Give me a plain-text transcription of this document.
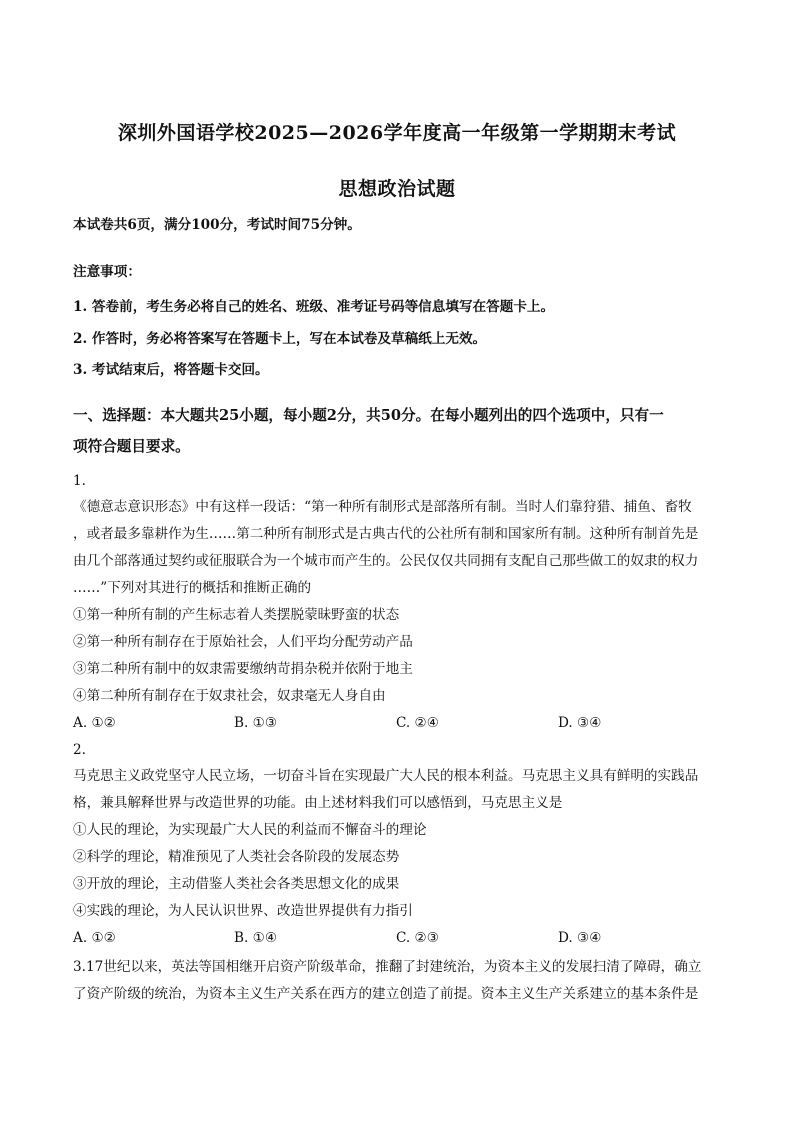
深圳外国语学校2025—2026学年度高一年级第一学期期末考试
思想政治试题
本试卷共6页，满分100分，考试时间75分钟。
注意事项：
1. 答卷前，考生务必将自己的姓名、班级、准考证号码等信息填写在答题卡上。
2. 作答时，务必将答案写在答题卡上，写在本试卷及草稿纸上无效。
3. 考试结束后，将答题卡交回。
一、选择题：本大题共25小题，每小题2分，共50分。在每小题列出的四个选项中，只有一
项符合题目要求。
1.
《德意志意识形态》中有这样一段话：“第一种所有制形式是部落所有制。当时人们靠狩猎、捕鱼、畜牧
，或者最多靠耕作为生……第二种所有制形式是古典古代的公社所有制和国家所有制。这种所有制首先是
由几个部落通过契约或征服联合为一个城市而产生的。公民仅仅共同拥有支配自己那些做工的奴隶的权力
……”下列对其进行的概括和推断正确的
①第一种所有制的产生标志着人类摆脱蒙昧野蛮的状态
②第一种所有制存在于原始社会，人们平均分配劳动产品
③第二种所有制中的奴隶需要缴纳苛捐杂税并依附于地主
④第二种所有制存在于奴隶社会，奴隶毫无人身自由
A. ①②	B. ①③	C. ②④	D. ③④
2.
马克思主义政党坚守人民立场，一切奋斗旨在实现最广大人民的根本利益。马克思主义具有鲜明的实践品
格，兼具解释世界与改造世界的功能。由上述材料我们可以感悟到，马克思主义是
①人民的理论，为实现最广大人民的利益而不懈奋斗的理论
②科学的理论，精准预见了人类社会各阶段的发展态势
③开放的理论，主动借鉴人类社会各类思想文化的成果
④实践的理论，为人民认识世界、改造世界提供有力指引
A. ①②	B. ①④	C. ②③	D. ③④
3.17世纪以来，英法等国相继开启资产阶级革命，推翻了封建统治，为资本主义的发展扫清了障碍，确立
了资产阶级的统治，为资本主义生产关系在西方的建立创造了前提。资本主义生产关系建立的基本条件是
